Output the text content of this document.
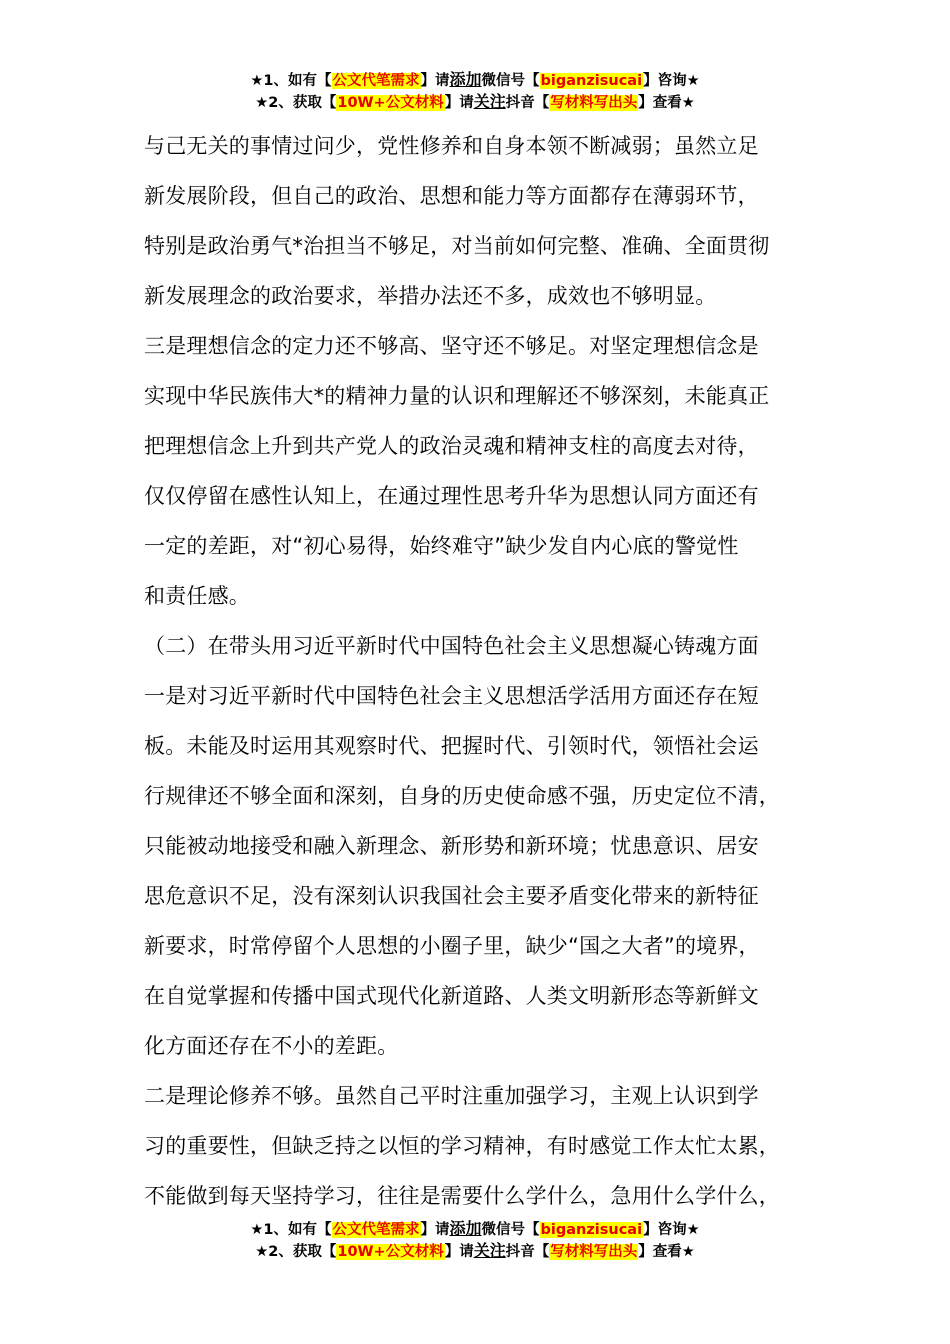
★1、如有【公文代笔需求】请添加微信号【biganzisucai】咨询★
★2、获取【10W+公文材料】请关注抖音【写材料写出头】查看★

与己无关的事情过问少，党性修养和自身本领不断减弱；虽然立足

新发展阶段，但自己的政治、思想和能力等方面都存在薄弱环节，

特别是政治勇气*治担当不够足，对当前如何完整、准确、全面贯彻

新发展理念的政治要求，举措办法还不多，成效也不够明显。

三是理想信念的定力还不够高、坚守还不够足。对坚定理想信念是

实现中华民族伟大*的精神力量的认识和理解还不够深刻，未能真正

把理想信念上升到共产党人的政治灵魂和精神支柱的高度去对待，

仅仅停留在感性认知上，在通过理性思考升华为思想认同方面还有

一定的差距，对“初心易得，始终难守”缺少发自内心底的警觉性

和责任感。

（二）在带头用习近平新时代中国特色社会主义思想凝心铸魂方面

一是对习近平新时代中国特色社会主义思想活学活用方面还存在短

板。未能及时运用其观察时代、把握时代、引领时代，领悟社会运

行规律还不够全面和深刻，自身的历史使命感不强，历史定位不清，

只能被动地接受和融入新理念、新形势和新环境；忧患意识、居安

思危意识不足，没有深刻认识我国社会主要矛盾变化带来的新特征

新要求，时常停留个人思想的小圈子里，缺少“国之大者”的境界，

在自觉掌握和传播中国式现代化新道路、人类文明新形态等新鲜文

化方面还存在不小的差距。

二是理论修养不够。虽然自己平时注重加强学习，主观上认识到学

习的重要性，但缺乏持之以恒的学习精神，有时感觉工作太忙太累，

不能做到每天坚持学习，往往是需要什么学什么，急用什么学什么，

★1、如有【公文代笔需求】请添加微信号【biganzisucai】咨询★
★2、获取【10W+公文材料】请关注抖音【写材料写出头】查看★
